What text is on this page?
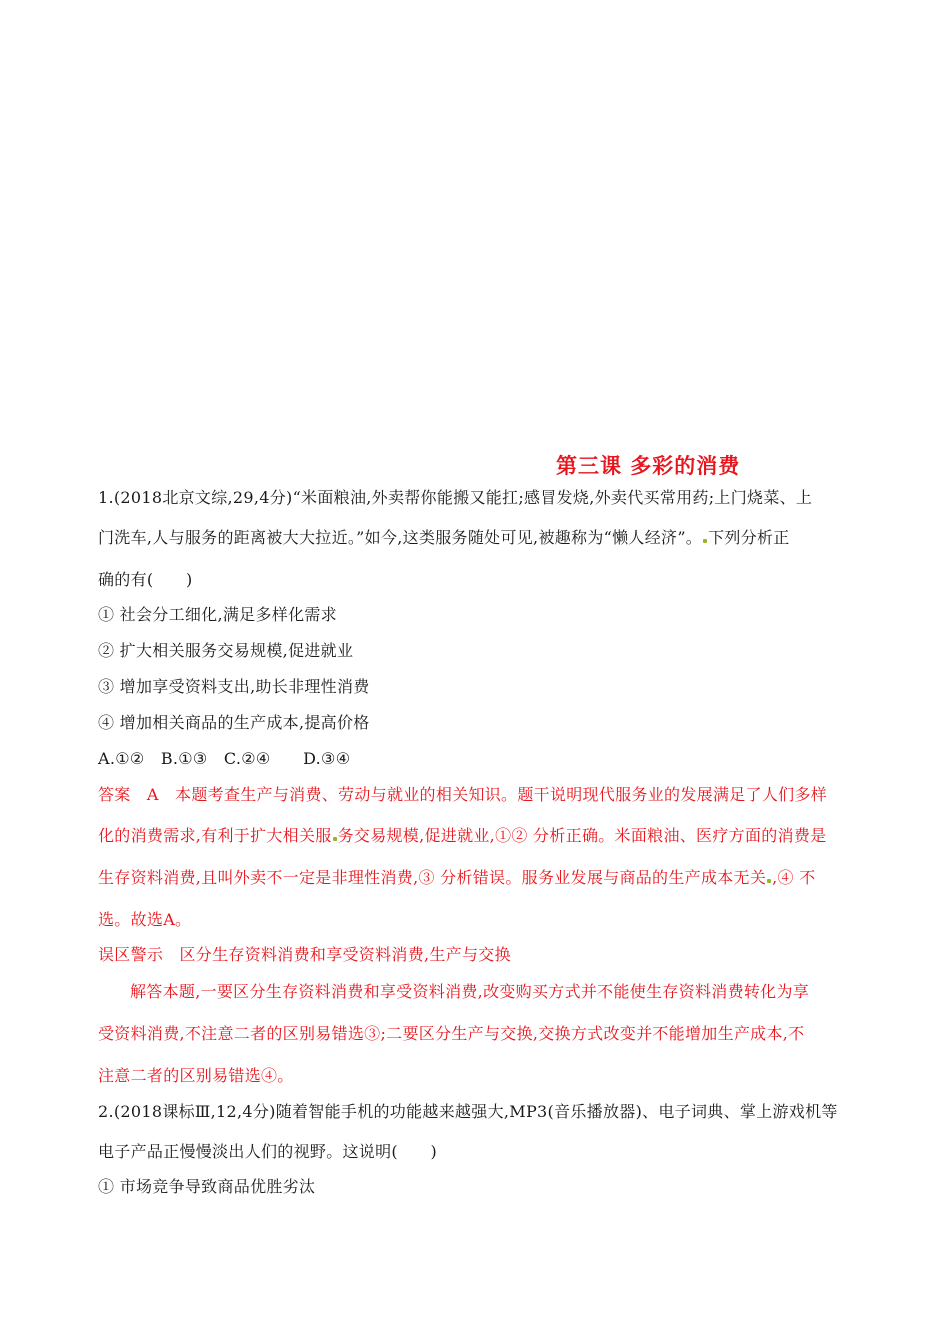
第三课 多彩的消费
1.(2018北京文综,29,4分)“米面粮油,外卖帮你能搬又能扛;感冒发烧,外卖代买常用药;上门烧菜、上
门洗车,人与服务的距离被大大拉近。”如今,这类服务随处可见,被趣称为“懒人经济”。 下列分析正
确的有(　　)
① 社会分工细化,满足多样化需求
② 扩大相关服务交易规模,促进就业
③ 增加享受资料支出,助长非理性消费
④ 增加相关商品的生产成本,提高价格
A.①②　B.①③　C.②④　　D.③④
答案　A　本题考查生产与消费、劳动与就业的相关知识。题干说明现代服务业的发展满足了人们多样
化的消费需求,有利于扩大相关服 务交易规模,促进就业,①② 分析正确。米面粮油、医疗方面的消费是
生存资料消费,且叫外卖不一定是非理性消费,③ 分析错误。服务业发展与商品的生产成本无关 ,④ 不
选。故选A。
误区警示　区分生存资料消费和享受资料消费,生产与交换
解答本题,一要区分生存资料消费和享受资料消费,改变购买方式并不能使生存资料消费转化为享
受资料消费,不注意二者的区别易错选③;二要区分生产与交换,交换方式改变并不能增加生产成本,不
注意二者的区别易错选④。
2.(2018课标Ⅲ,12,4分)随着智能手机的功能越来越强大,MP3(音乐播放器)、电子词典、掌上游戏机等
电子产品正慢慢淡出人们的视野。这说明(　　)
① 市场竞争导致商品优胜劣汰
